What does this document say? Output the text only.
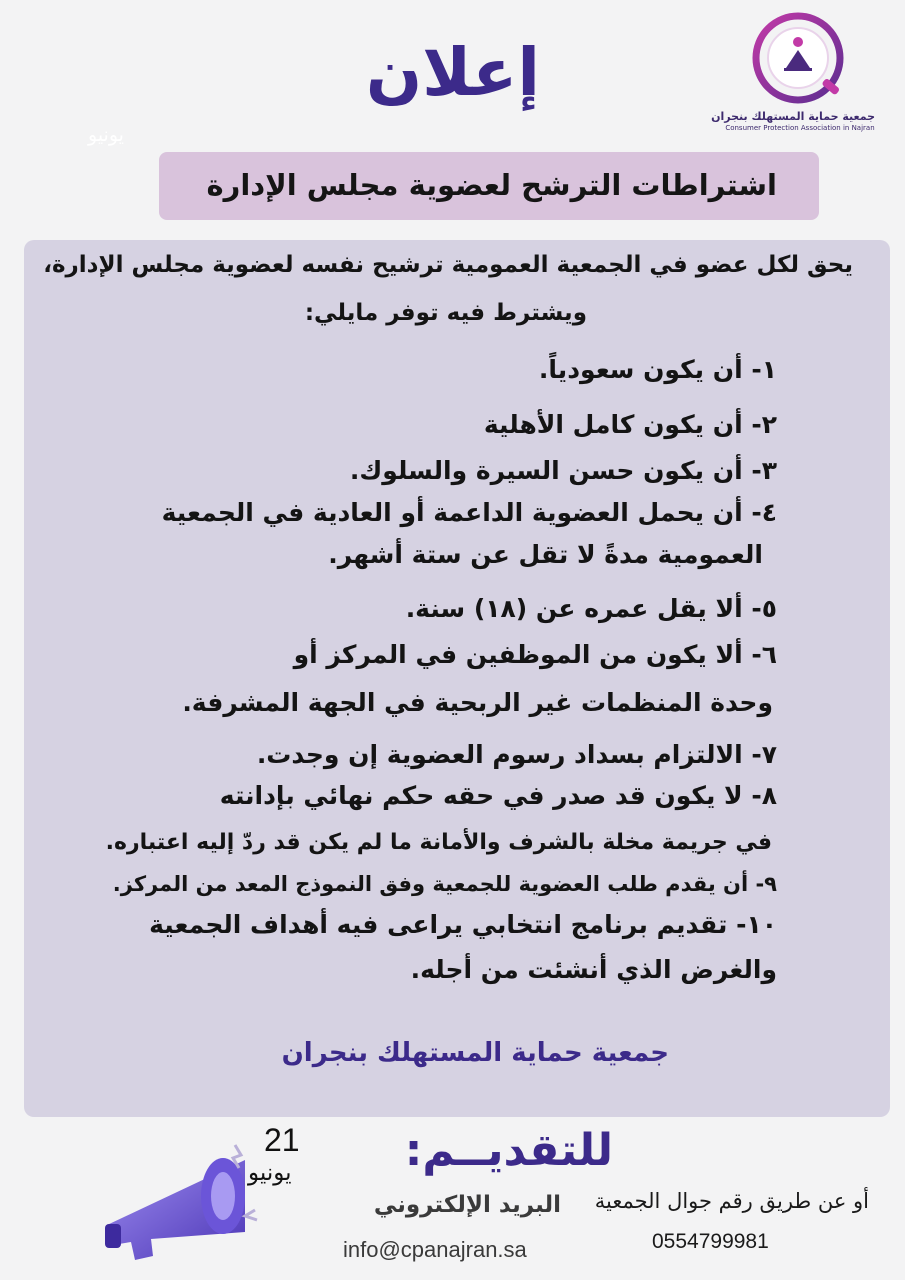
جمعية حماية المستهلك بنجران
Consumer Protection Association in Najran
إعلان
يونيو
اشتراطات الترشح لعضوية مجلس الإدارة
يحق لكل عضو في الجمعية العمومية ترشيح نفسه لعضوية مجلس الإدارة،
ويشترط فيه توفر مايلي:
١- أن يكون سعودياً.
٢- أن يكون كامل الأهلية
٣- أن يكون حسن السيرة والسلوك.
٤- أن يحمل العضوية الداعمة أو العادية في الجمعية
العمومية مدةً لا تقل عن ستة أشهر.
٥- ألا يقل عمره عن (١٨) سنة.
٦- ألا يكون من الموظفين في المركز أو
وحدة المنظمات غير الربحية في الجهة المشرفة.
٧- الالتزام بسداد رسوم العضوية إن وجدت.
٨- لا يكون قد صدر في حقه حكم نهائي بإدانته
في جريمة مخلة بالشرف والأمانة ما لم يكن قد ردّ إليه اعتباره.
٩- أن يقدم طلب العضوية للجمعية وفق النموذج المعد من المركز.
١٠- تقديم برنامج انتخابي يراعى فيه أهداف الجمعية
والغرض الذي أنشئت من أجله.
جمعية حماية المستهلك بنجران
للتقديــم:
البريد الإلكتروني
info@cpanajran.sa
أو عن طريق رقم جوال الجمعية
0554799981
21
يونيو
